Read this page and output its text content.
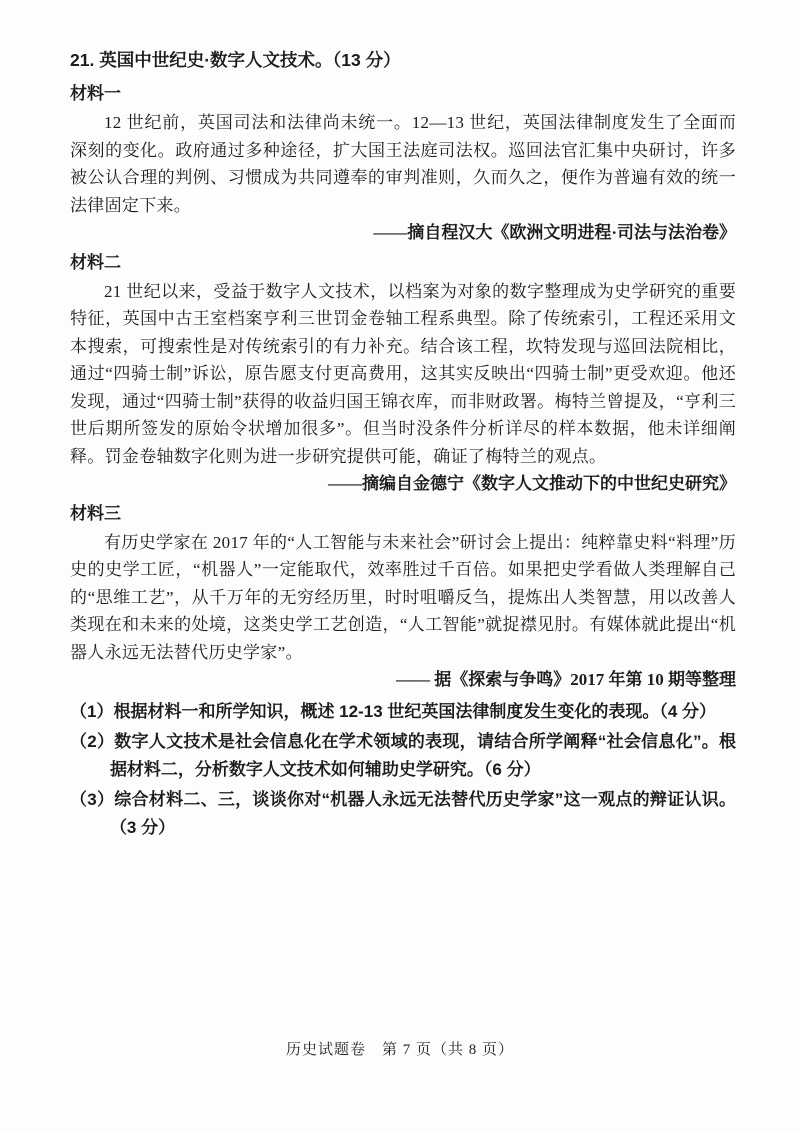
21. 英国中世纪史·数字人文技术。（13 分）
材料一
12 世纪前，英国司法和法律尚未统一。12—13 世纪，英国法律制度发生了全面而深刻的变化。政府通过多种途径，扩大国王法庭司法权。巡回法官汇集中央研讨，许多被公认合理的判例、习惯成为共同遵奉的审判准则，久而久之，便作为普遍有效的统一法律固定下来。
——摘自程汉大《欧洲文明进程·司法与法治卷》
材料二
21 世纪以来，受益于数字人文技术，以档案为对象的数字整理成为史学研究的重要特征，英国中古王室档案亨利三世罚金卷轴工程系典型。除了传统索引，工程还采用文本搜索，可搜索性是对传统索引的有力补充。结合该工程，坎特发现与巡回法院相比，通过“四骑士制”诉讼，原告愿支付更高费用，这其实反映出“四骑士制”更受欢迎。他还发现，通过“四骑士制”获得的收益归国王锦衣库，而非财政署。梅特兰曾提及，“亨利三世后期所签发的原始令状增加很多”。但当时没条件分析详尽的样本数据，他未详细阐释。罚金卷轴数字化则为进一步研究提供可能，确证了梅特兰的观点。
——摘编自金德宁《数字人文推动下的中世纪史研究》
材料三
有历史学家在 2017 年的“人工智能与未来社会”研讨会上提出：纯粹靠史料“料理”历史的史学工匠，“机器人”一定能取代，效率胜过千百倍。如果把史学看做人类理解自己的“思维工艺”，从千万年的无穷经历里，时时咀嚼反刍，提炼出人类智慧，用以改善人类现在和未来的处境，这类史学工艺创造，“人工智能”就捉襟见肘。有媒体就此提出“机器人永远无法替代历史学家”。
—— 据《探索与争鸣》2017 年第 10 期等整理
（1）根据材料一和所学知识，概述 12-13 世纪英国法律制度发生变化的表现。（4 分）
（2）数字人文技术是社会信息化在学术领域的表现，请结合所学阐释“社会信息化”。根据材料二，分析数字人文技术如何辅助史学研究。（6 分）
（3）综合材料二、三，谈谈你对“机器人永远无法替代历史学家”这一观点的辩证认识。（3 分）
历史试题卷　第 7 页（共 8 页）
